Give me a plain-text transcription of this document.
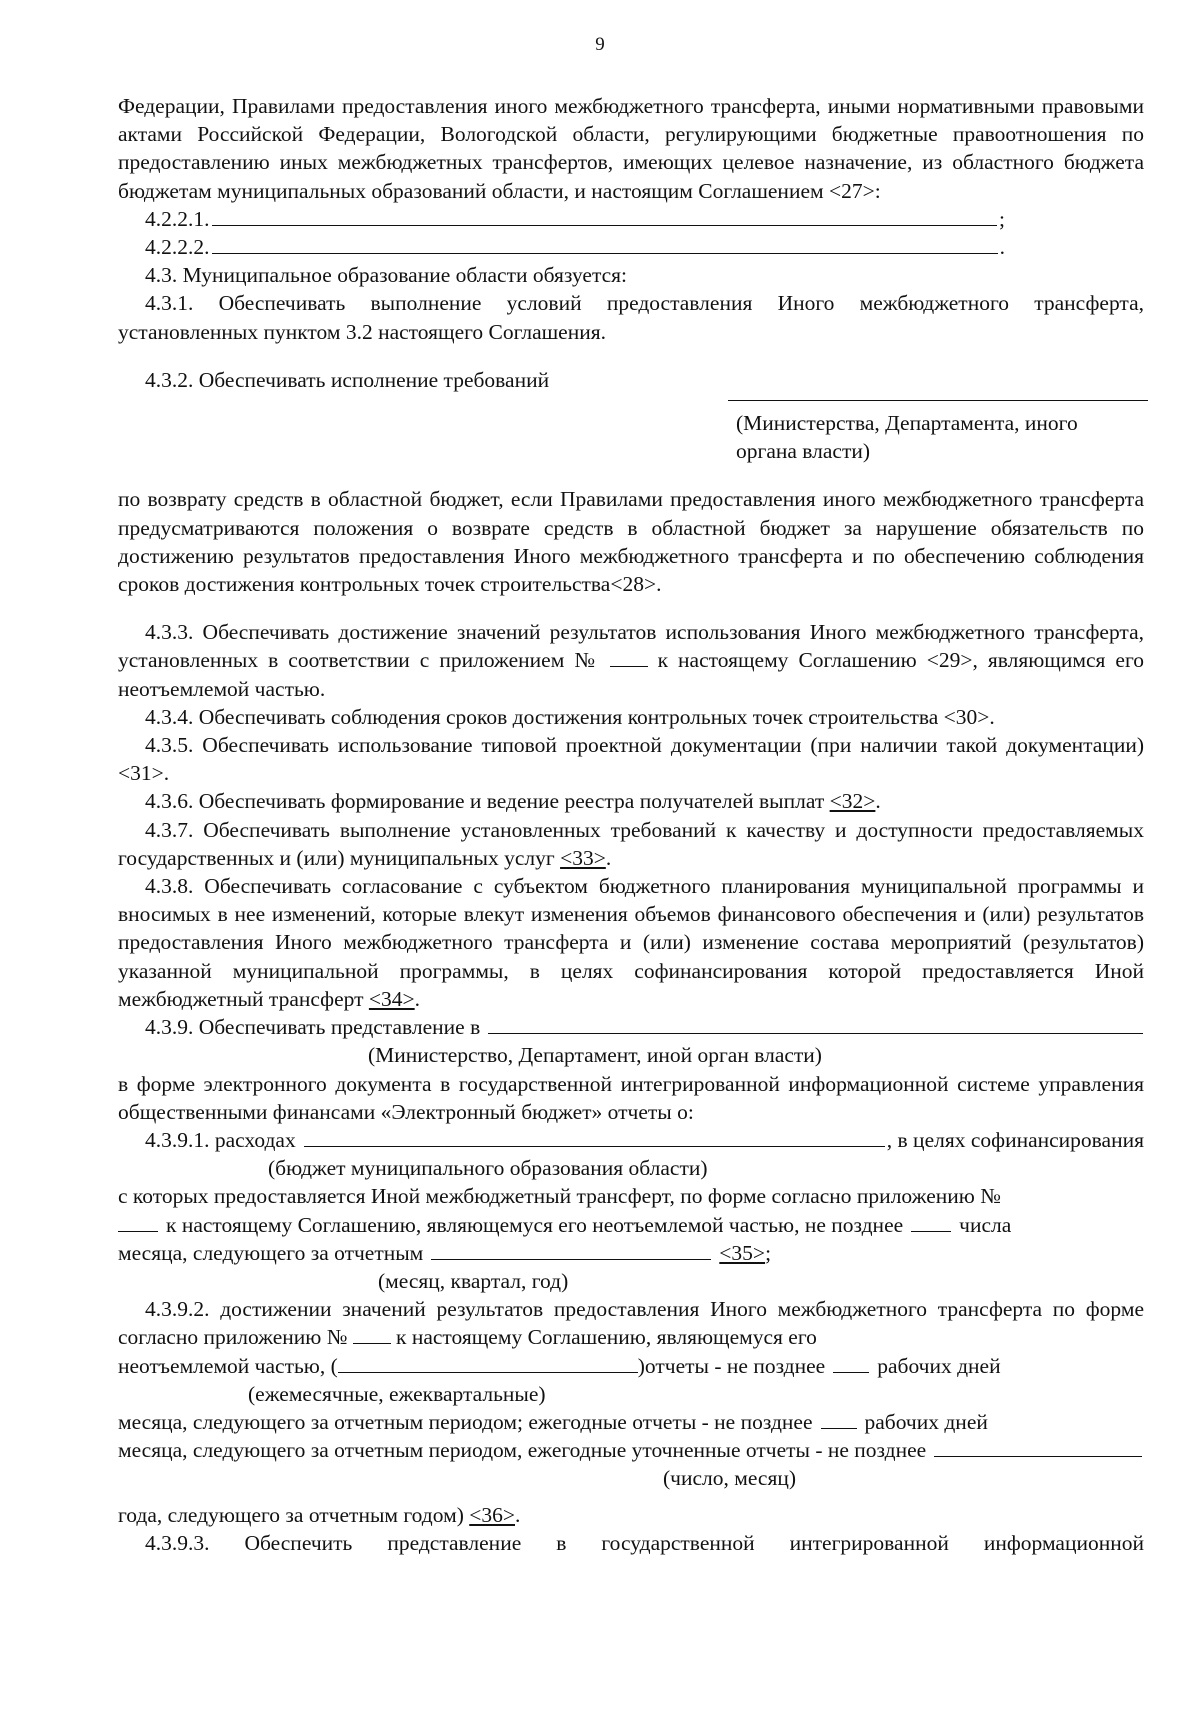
9

Федерации, Правилами предоставления иного межбюджетного трансферта, иными нормативными правовыми актами Российской Федерации, Вологодской области, регулирующими бюджетные правоотношения по предоставлению иных межбюджетных трансфертов, имеющих целевое назначение, из областного бюджета бюджетам муниципальных образований области, и настоящим Соглашением <27>:

4.2.2.1.	;
4.2.2.2.	.

4.3. Муниципальное образование области обязуется:

4.3.1. Обеспечивать выполнение условий предоставления Иного межбюджетного трансферта, установленных пунктом 3.2 настоящего Соглашения.

4.3.2. Обеспечивать исполнение требований

(Министерства, Департамента, иного
органа власти)

по возврату средств в областной бюджет, если Правилами предоставления иного межбюджетного трансферта предусматриваются положения о возврате средств в областной бюджет за нарушение обязательств по достижению результатов предоставления Иного межбюджетного трансферта и по обеспечению соблюдения сроков достижения контрольных точек строительства<28>.

4.3.3. Обеспечивать достижение значений результатов использования Иного межбюджетного трансферта, установленных в соответствии с приложением №	к настоящему Соглашению <29>, являющимся его неотъемлемой частью.

4.3.4. Обеспечивать соблюдения сроков достижения контрольных точек строительства <30>.

4.3.5. Обеспечивать использование типовой проектной документации (при наличии такой документации) <31>.

4.3.6. Обеспечивать формирование и ведение реестра получателей выплат <32>.

4.3.7. Обеспечивать выполнение установленных требований к качеству и доступности предоставляемых государственных и (или) муниципальных услуг <33>.

4.3.8. Обеспечивать согласование с субъектом бюджетного планирования муниципальной программы и вносимых в нее изменений, которые влекут изменения объемов финансового обеспечения и (или) результатов предоставления Иного межбюджетного трансферта и (или) изменение состава мероприятий (результатов) указанной муниципальной программы, в целях софинансирования которой предоставляется Иной межбюджетный трансферт <34>.

4.3.9. Обеспечивать представление в
(Министерство, Департамент, иной орган власти)

в форме электронного документа в государственной интегрированной информационной системе управления общественными финансами «Электронный бюджет» отчеты о:

4.3.9.1. расходах	, в целях софинансирования
(бюджет муниципального образования области)

с которых предоставляется Иной межбюджетный трансферт, по форме согласно приложению №

к настоящему Соглашению, являющемуся его неотъемлемой частью, не позднее	числа
месяца, следующего за отчетным	<35> ;
(месяц, квартал, год)

4.3.9.2. достижении значений результатов предоставления Иного межбюджетного трансферта по форме согласно приложению № к настоящему Соглашению, являющемуся его

неотъемлемой частью, (	)отчеты - не позднее рабочих дней
(ежемесячные, ежеквартальные)
месяца, следующего за отчетным периодом; ежегодные отчеты - не позднее рабочих дней
месяца, следующего за отчетным периодом, ежегодные уточненные отчеты - не позднее
(число, месяц)

года, следующего за отчетным годом) <36>.

4.3.9.3. Обеспечить представление в государственной интегрированной информационной
